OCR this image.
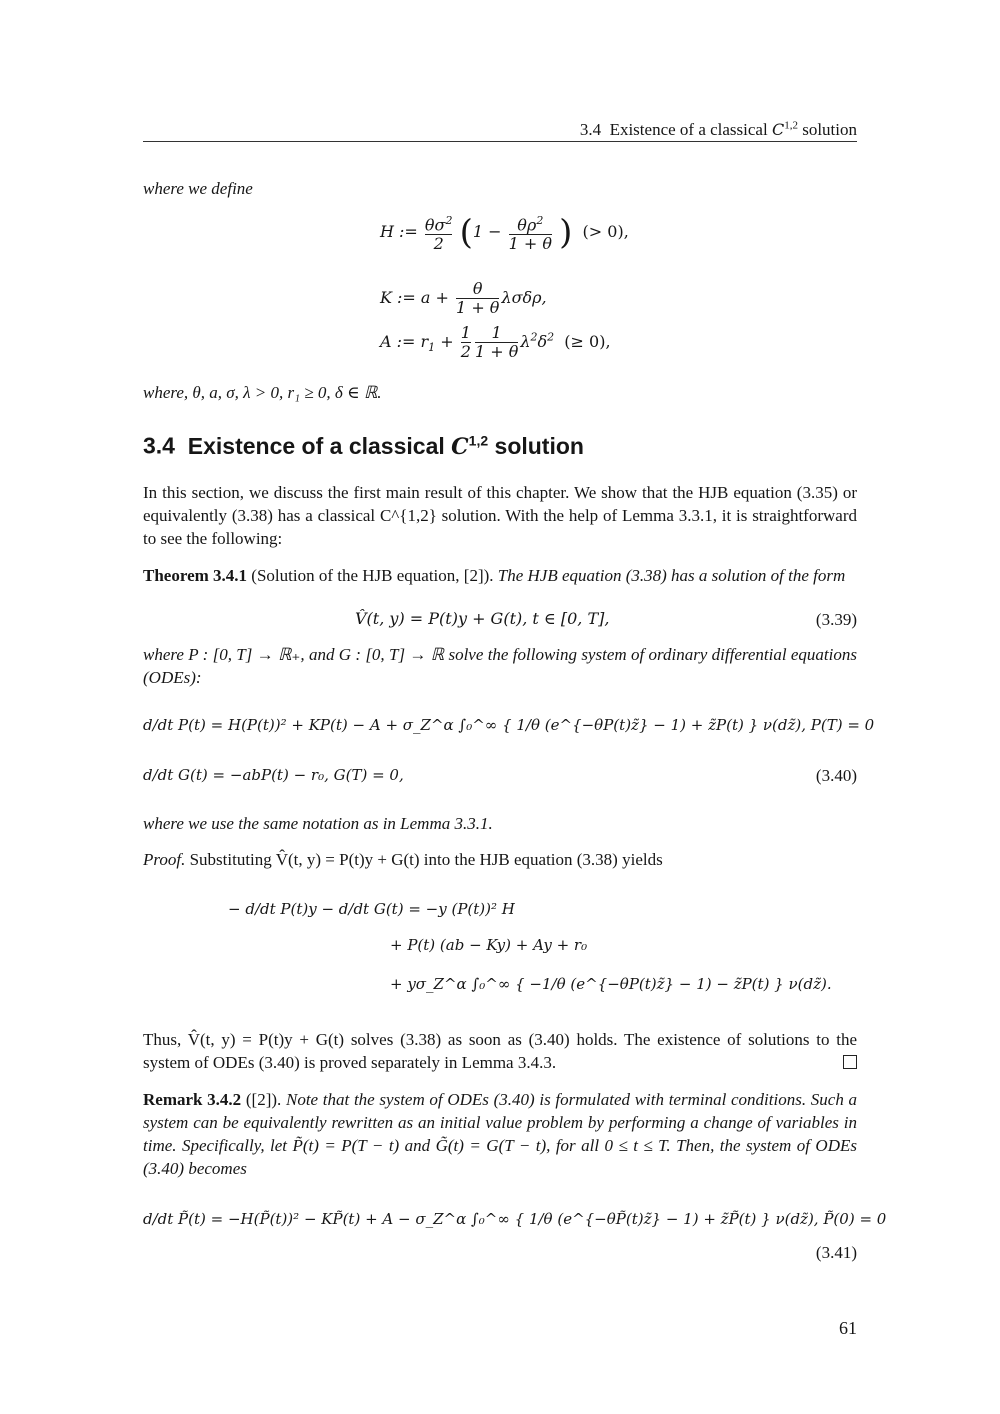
3.4  Existence of a classical C$^{1,2}$ solution
where we define
H := $\frac{\theta\sigma^2}{2} (1 - \frac{\theta\rho^2}{1 + \theta}$ )  (> 0),
K := $a + \frac{\theta}{1 + \theta} \lambda\sigma\delta\rho$,
A := $r_1 + \frac{1}{2} \frac{1}{1 + \theta} \lambda^2\delta^2$  (≥ 0),
where, θ, a, σ, λ > 0, r₁ ≥ 0, δ ∈ ℝ.
3.4 Existence of a classical C$^{1,2}$ solution
In this section, we discuss the first main result of this chapter. We show that the HJB equation (3.35) or equivalently (3.38) has a classical C^{1,2} solution. With the help of Lemma 3.3.1, it is straightforward to see the following:
Theorem 3.4.1 (Solution of the HJB equation, [2]). The HJB equation (3.38) has a solution of the form
V̂(t, y) = P(t)y + G(t), t ∈ [0, T],	(3.39)
where P : [0, T] → ℝ₊, and G : [0, T] → ℝ solve the following system of ordinary differential equations (ODEs):
d/dt P(t) = H(P(t))² + KP(t) − A + σ_Z^α ∫₀^∞ { 1/θ (e^{−θP(t)z̃} − 1) + z̃P(t) } ν(dz̃), P(T) = 0
d/dt G(t) = −abP(t) − r₀, G(T) = 0,	(3.40)
where we use the same notation as in Lemma 3.3.1.
Proof. Substituting V̂(t, y) = P(t)y + G(t) into the HJB equation (3.38) yields
− d/dt P(t)y − d/dt G(t) = −y (P(t))² H
+ P(t) (ab − Ky) + Ay + r₀
+ yσ_Z^α ∫₀^∞ { −1/θ (e^{−θP(t)z̃} − 1) − z̃P(t) } ν(dz̃).
Thus, V̂(t, y) = P(t)y + G(t) solves (3.38) as soon as (3.40) holds. The existence of solutions to the system of ODEs (3.40) is proved separately in Lemma 3.4.3.
Remark 3.4.2 ([2]). Note that the system of ODEs (3.40) is formulated with terminal conditions. Such a system can be equivalently rewritten as an initial value problem by performing a change of variables in time. Specifically, let P̃(t) = P(T − t) and G̃(t) = G(T − t), for all 0 ≤ t ≤ T. Then, the system of ODEs (3.40) becomes
d/dt P̃(t) = −H(P̃(t))² − KP̃(t) + A − σ_Z^α ∫₀^∞ { 1/θ (e^{−θP̃(t)z̃} − 1) + z̃P̃(t) } ν(dz̃), P̃(0) = 0
(3.41)
61
